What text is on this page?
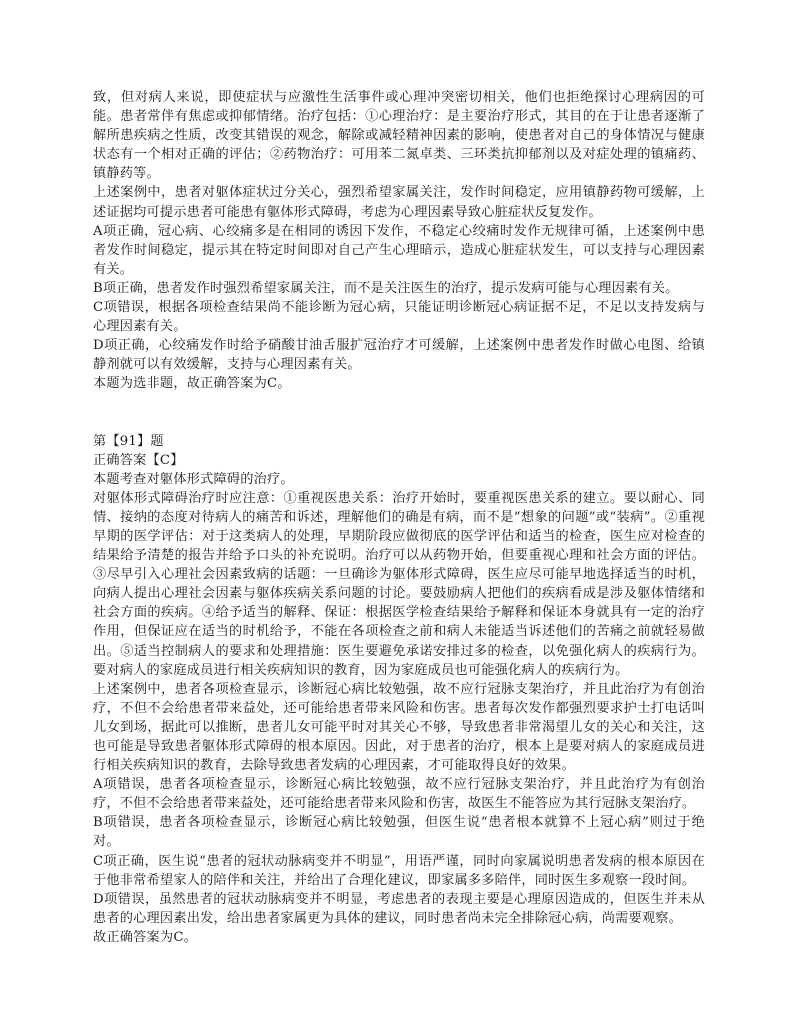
致，但对病人来说，即使症状与应激性生活事件或心理冲突密切相关，他们也拒绝探讨心理病因的可能。患者常伴有焦虑或抑郁情绪。治疗包括：①心理治疗：是主要治疗形式，其目的在于让患者逐渐了解所患疾病之性质，改变其错误的观念，解除或减轻精神因素的影响，使患者对自己的身体情况与健康状态有一个相对正确的评估；②药物治疗：可用苯二氮卓类、三环类抗抑郁剂以及对症处理的镇痛药、镇静药等。

上述案例中，患者对躯体症状过分关心，强烈希望家属关注，发作时间稳定，应用镇静药物可缓解，上述证据均可提示患者可能患有躯体形式障碍，考虑为心理因素导致心脏症状反复发作。

A项正确，冠心病、心绞痛多是在相同的诱因下发作，不稳定心绞痛时发作无规律可循，上述案例中患者发作时间稳定，提示其在特定时间即对自己产生心理暗示，造成心脏症状发生，可以支持与心理因素有关。

B项正确，患者发作时强烈希望家属关注，而不是关注医生的治疗，提示发病可能与心理因素有关。

C项错误，根据各项检查结果尚不能诊断为冠心病，只能证明诊断冠心病证据不足，不足以支持发病与心理因素有关。

D项正确，心绞痛发作时给予硝酸甘油舌服扩冠治疗才可缓解，上述案例中患者发作时做心电图、给镇静剂就可以有效缓解，支持与心理因素有关。

本题为选非题，故正确答案为C。

第【91】题

正确答案【C】

本题考查对躯体形式障碍的治疗。

对躯体形式障碍治疗时应注意：①重视医患关系：治疗开始时，要重视医患关系的建立。要以耐心、同情、接纳的态度对待病人的痛苦和诉述，理解他们的确是有病，而不是“想象的问题”或“装病”。②重视早期的医学评估：对于这类病人的处理，早期阶段应做彻底的医学评估和适当的检查，医生应对检查的结果给予清楚的报告并给予口头的补充说明。治疗可以从药物开始，但要重视心理和社会方面的评估。③尽早引入心理社会因素致病的话题：一旦确诊为躯体形式障碍，医生应尽可能早地选择适当的时机，向病人提出心理社会因素与躯体疾病关系问题的讨论。要鼓励病人把他们的疾病看成是涉及躯体情绪和社会方面的疾病。④给予适当的解释、保证：根据医学检查结果给予解释和保证本身就具有一定的治疗作用，但保证应在适当的时机给予，不能在各项检查之前和病人未能适当诉述他们的苦痛之前就轻易做出。⑤适当控制病人的要求和处理措施：医生要避免承诺安排过多的检查，以免强化病人的疾病行为。要对病人的家庭成员进行相关疾病知识的教育，因为家庭成员也可能强化病人的疾病行为。

上述案例中，患者各项检查显示，诊断冠心病比较勉强，故不应行冠脉支架治疗，并且此治疗为有创治疗，不但不会给患者带来益处，还可能给患者带来风险和伤害。患者每次发作都强烈要求护士打电话叫儿女到场，据此可以推断，患者儿女可能平时对其关心不够，导致患者非常渴望儿女的关心和关注，这也可能是导致患者躯体形式障碍的根本原因。因此，对于患者的治疗，根本上是要对病人的家庭成员进行相关疾病知识的教育，去除导致患者发病的心理因素，才可能取得良好的效果。

A项错误，患者各项检查显示，诊断冠心病比较勉强，故不应行冠脉支架治疗，并且此治疗为有创治疗，不但不会给患者带来益处，还可能给患者带来风险和伤害，故医生不能答应为其行冠脉支架治疗。

B项错误，患者各项检查显示，诊断冠心病比较勉强，但医生说“患者根本就算不上冠心病”则过于绝对。

C项正确，医生说“患者的冠状动脉病变并不明显”，用语严谨，同时向家属说明患者发病的根本原因在于他非常希望家人的陪伴和关注，并给出了合理化建议，即家属多多陪伴，同时医生多观察一段时间。

D项错误，虽然患者的冠状动脉病变并不明显，考虑患者的表现主要是心理原因造成的，但医生并未从患者的心理因素出发，给出患者家属更为具体的建议，同时患者尚未完全排除冠心病，尚需要观察。

故正确答案为C。
